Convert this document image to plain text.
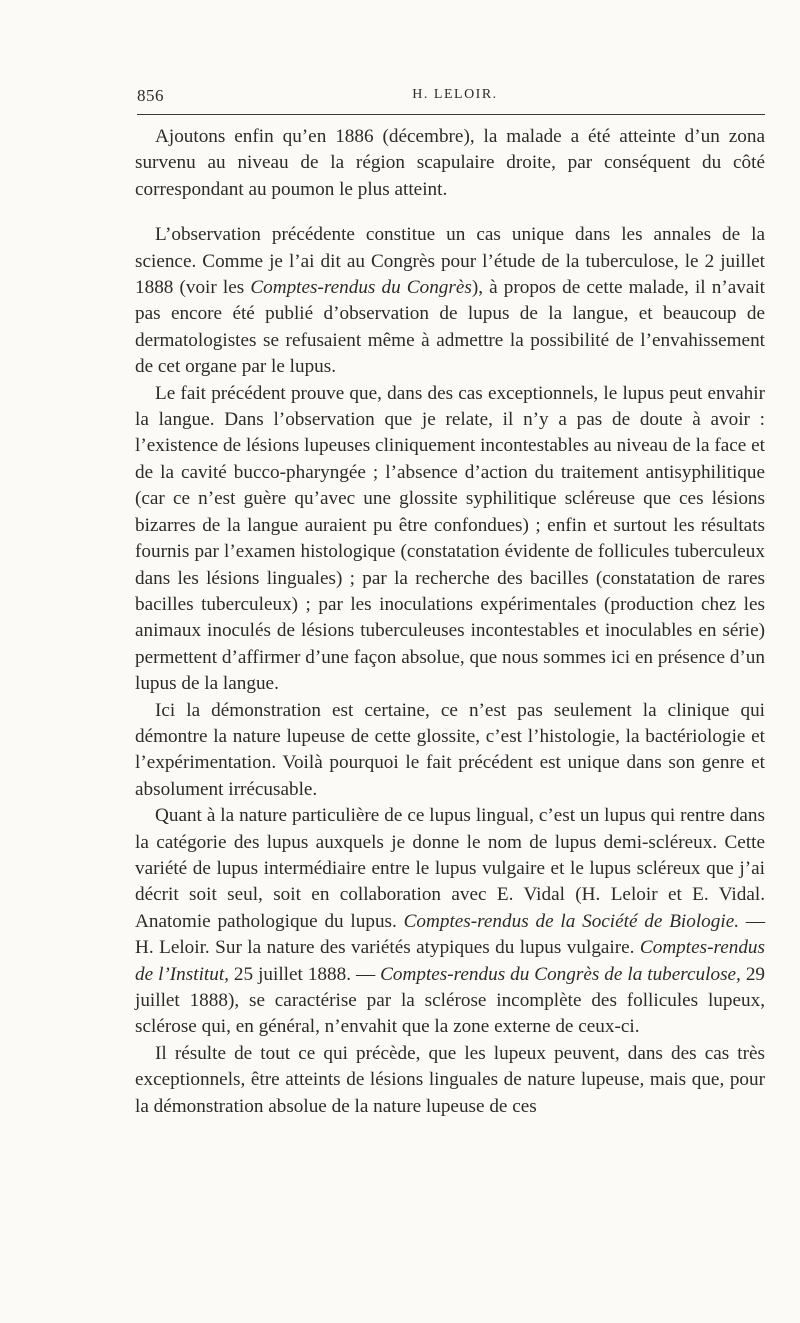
856	H. LELOIR.

Ajoutons enfin qu’en 1886 (décembre), la malade a été atteinte d’un zona survenu au niveau de la région scapulaire droite, par conséquent du côté correspondant au poumon le plus atteint.

L’observation précédente constitue un cas unique dans les annales de la science. Comme je l’ai dit au Congrès pour l’étude de la tuberculose, le 2 juillet 1888 (voir les Comptes-rendus du Congrès), à propos de cette malade, il n’avait pas encore été publié d’observation de lupus de la langue, et beaucoup de dermatologistes se refusaient même à admettre la possibilité de l’envahissement de cet organe par le lupus.

Le fait précédent prouve que, dans des cas exceptionnels, le lupus peut envahir la langue. Dans l’observation que je relate, il n’y a pas de doute à avoir : l’existence de lésions lupeuses cliniquement incontestables au niveau de la face et de la cavité bucco-pharyngée ; l’absence d’action du traitement antisyphilitique (car ce n’est guère qu’avec une glossite syphilitique scléreuse que ces lésions bizarres de la langue auraient pu être confondues) ; enfin et surtout les résultats fournis par l’examen histologique (constatation évidente de follicules tuberculeux dans les lésions linguales) ; par la recherche des bacilles (constatation de rares bacilles tuberculeux) ; par les inoculations expérimentales (production chez les animaux inoculés de lésions tuberculeuses incontestables et inoculables en série) permettent d’affirmer d’une façon absolue, que nous sommes ici en présence d’un lupus de la langue.

Ici la démonstration est certaine, ce n’est pas seulement la clinique qui démontre la nature lupeuse de cette glossite, c’est l’histologie, la bactériologie et l’expérimentation. Voilà pourquoi le fait précédent est unique dans son genre et absolument irrécusable.

Quant à la nature particulière de ce lupus lingual, c’est un lupus qui rentre dans la catégorie des lupus auxquels je donne le nom de lupus demi-scléreux. Cette variété de lupus intermédiaire entre le lupus vulgaire et le lupus scléreux que j’ai décrit soit seul, soit en collaboration avec E. Vidal (H. Leloir et E. Vidal. Anatomie pathologique du lupus. Comptes-rendus de la Société de Biologie. — H. Leloir. Sur la nature des variétés atypiques du lupus vulgaire. Comptes-rendus de l’Institut, 25 juillet 1888. — Comptes-rendus du Congrès de la tuberculose, 29 juillet 1888), se caractérise par la sclérose incomplète des follicules lupeux, sclérose qui, en général, n’envahit que la zone externe de ceux-ci.

Il résulte de tout ce qui précède, que les lupeux peuvent, dans des cas très exceptionnels, être atteints de lésions linguales de nature lupeuse, mais que, pour la démonstration absolue de la nature lupeuse de ces
